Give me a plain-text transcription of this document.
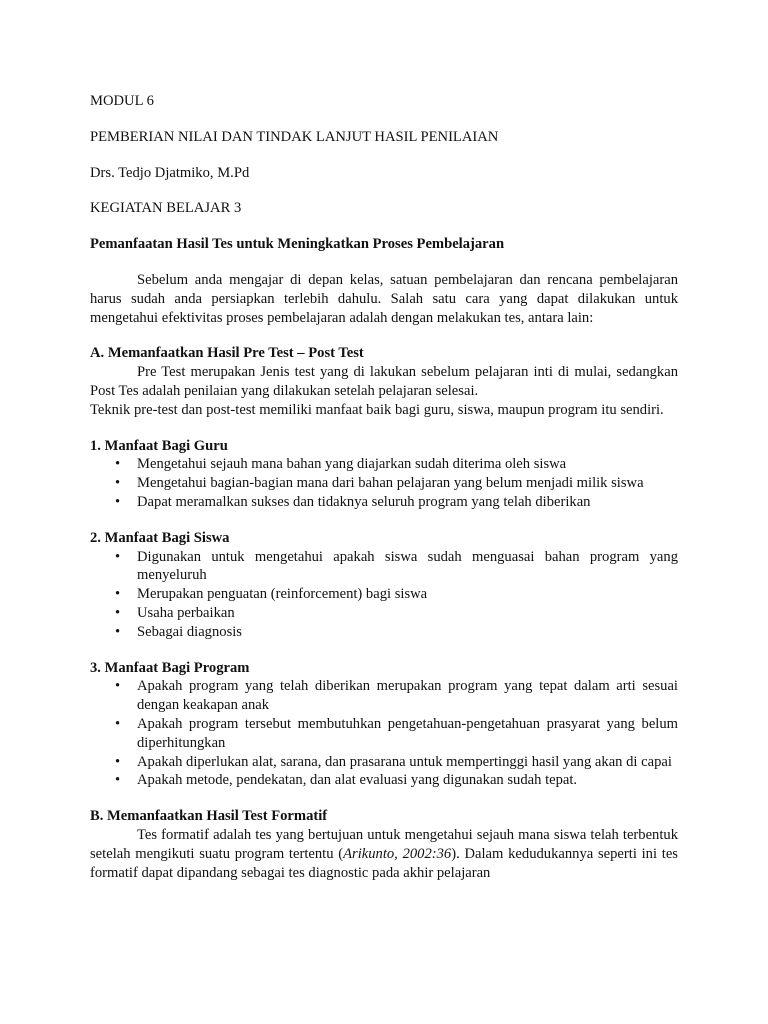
MODUL 6

PEMBERIAN NILAI DAN TINDAK LANJUT HASIL PENILAIAN

Drs. Tedjo Djatmiko, M.Pd

KEGIATAN BELAJAR 3

Pemanfaatan Hasil Tes untuk Meningkatkan Proses Pembelajaran

Sebelum anda mengajar di depan kelas, satuan pembelajaran dan rencana pembelajaran harus sudah anda persiapkan terlebih dahulu. Salah satu cara yang dapat dilakukan untuk mengetahui efektivitas proses pembelajaran adalah dengan melakukan tes, antara lain:

A. Memanfaatkan Hasil Pre Test – Post Test

Pre Test merupakan Jenis test yang di lakukan sebelum pelajaran inti di mulai, sedangkan Post Tes adalah penilaian yang dilakukan setelah pelajaran selesai.

Teknik pre-test dan post-test memiliki manfaat baik bagi guru, siswa, maupun program itu sendiri.

1. Manfaat Bagi Guru
• Mengetahui sejauh mana bahan yang diajarkan sudah diterima oleh siswa
• Mengetahui bagian-bagian mana dari bahan pelajaran yang belum menjadi milik siswa
• Dapat meramalkan sukses dan tidaknya seluruh program yang telah diberikan
2. Manfaat Bagi Siswa
• Digunakan untuk mengetahui apakah siswa sudah menguasai bahan program yang menyeluruh
• Merupakan penguatan (reinforcement) bagi siswa
• Usaha perbaikan
• Sebagai diagnosis
3. Manfaat Bagi Program
• Apakah program yang telah diberikan merupakan program yang tepat dalam arti sesuai dengan keakapan anak
• Apakah program tersebut membutuhkan pengetahuan-pengetahuan prasyarat yang belum diperhitungkan
• Apakah diperlukan alat, sarana, dan prasarana untuk mempertinggi hasil yang akan di capai
• Apakah metode, pendekatan, dan alat evaluasi yang digunakan sudah tepat.
B. Memanfaatkan Hasil Test Formatif

Tes formatif adalah tes yang bertujuan untuk mengetahui sejauh mana siswa telah terbentuk setelah mengikuti suatu program tertentu (Arikunto, 2002:36). Dalam kedudukannya seperti ini tes formatif dapat dipandang sebagai tes diagnostic pada akhir pelajaran
